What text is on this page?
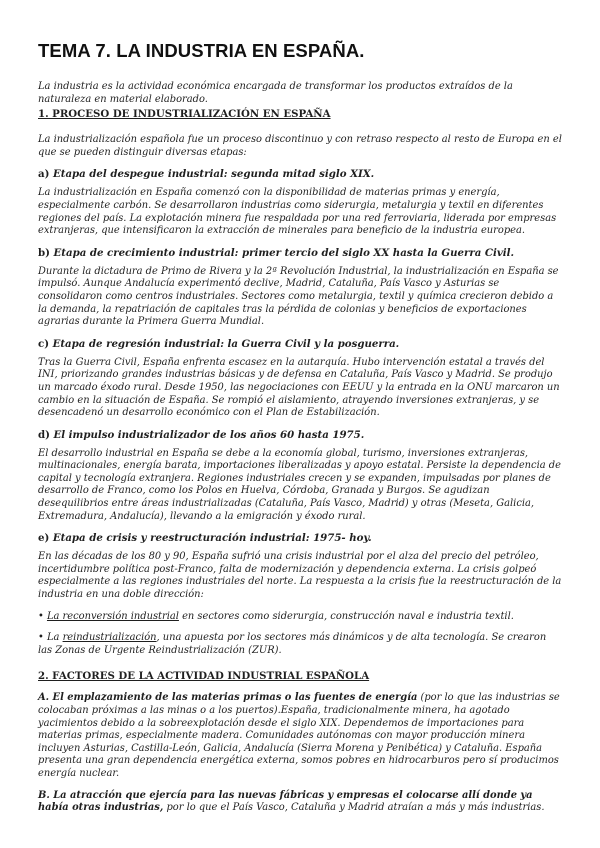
TEMA 7. LA INDUSTRIA EN ESPAÑA.

La industria es la actividad económica encargada de transformar los productos extraídos de la naturaleza en material elaborado.

1. PROCESO DE INDUSTRIALIZACIÓN EN ESPAÑA

La industrialización española fue un proceso discontinuo y con retraso respecto al resto de Europa en el que se pueden distinguir diversas etapas:

a) Etapa del despegue industrial: segunda mitad siglo XIX.

La industrialización en España comenzó con la disponibilidad de materias primas y energía, especialmente carbón. Se desarrollaron industrias como siderurgia, metalurgia y textil en diferentes regiones del país. La explotación minera fue respaldada por una red ferroviaria, liderada por empresas extranjeras, que intensificaron la extracción de minerales para beneficio de la industria europea.

b) Etapa de crecimiento industrial: primer tercio del siglo XX hasta la Guerra Civil.

Durante la dictadura de Primo de Rivera y la 2ª Revolución Industrial, la industrialización en España se impulsó. Aunque Andalucía experimentó declive, Madrid, Cataluña, País Vasco y Asturias se consolidaron como centros industriales. Sectores como metalurgia, textil y química crecieron debido a la demanda, la repatriación de capitales tras la pérdida de colonias y beneficios de exportaciones agrarias durante la Primera Guerra Mundial.

c) Etapa de regresión industrial: la Guerra Civil y la posguerra.

Tras la Guerra Civil, España enfrenta escasez en la autarquía. Hubo intervención estatal a través del INI, priorizando grandes industrias básicas y de defensa en Cataluña, País Vasco y Madrid. Se produjo un marcado éxodo rural. Desde 1950, las negociaciones con EEUU y la entrada en la ONU marcaron un cambio en la situación de España. Se rompió el aislamiento, atrayendo inversiones extranjeras, y se desencadenó un desarrollo económico con el Plan de Estabilización.

d) El impulso industrializador de los años 60 hasta 1975.

El desarrollo industrial en España se debe a la economía global, turismo, inversiones extranjeras, multinacionales, energía barata, importaciones liberalizadas y apoyo estatal. Persiste la dependencia de capital y tecnología extranjera. Regiones industriales crecen y se expanden, impulsadas por planes de desarrollo de Franco, como los Polos en Huelva, Córdoba, Granada y Burgos. Se agudizan desequilibrios entre áreas industrializadas (Cataluña, País Vasco, Madrid) y otras (Meseta, Galicia, Extremadura, Andalucía), llevando a la emigración y éxodo rural.

e) Etapa de crisis y reestructuración industrial: 1975- hoy.

En las décadas de los 80 y 90, España sufrió una crisis industrial por el alza del precio del petróleo, incertidumbre política post-Franco, falta de modernización y dependencia externa. La crisis golpeó especialmente a las regiones industriales del norte. La respuesta a la crisis fue la reestructuración de la industria en una doble dirección:

• La reconversión industrial en sectores como siderurgia, construcción naval e industria textil.

• La reindustrialización, una apuesta por los sectores más dinámicos y de alta tecnología. Se crearon las Zonas de Urgente Reindustrialización (ZUR).

2. FACTORES DE LA ACTIVIDAD INDUSTRIAL ESPAÑOLA

A. El emplazamiento de las materias primas o las fuentes de energía (por lo que las industrias se colocaban próximas a las minas o a los puertos).España, tradicionalmente minera, ha agotado yacimientos debido a la sobreexplotación desde el siglo XIX. Dependemos de importaciones para materias primas, especialmente madera. Comunidades autónomas con mayor producción minera incluyen Asturias, Castilla-León, Galicia, Andalucía (Sierra Morena y Penibética) y Cataluña. España presenta una gran dependencia energética externa, somos pobres en hidrocarburos pero sí producimos energía nuclear.

B. La atracción que ejercía para las nuevas fábricas y empresas el colocarse allí donde ya había otras industrias, por lo que el País Vasco, Cataluña y Madrid atraían a más y más industrias.
